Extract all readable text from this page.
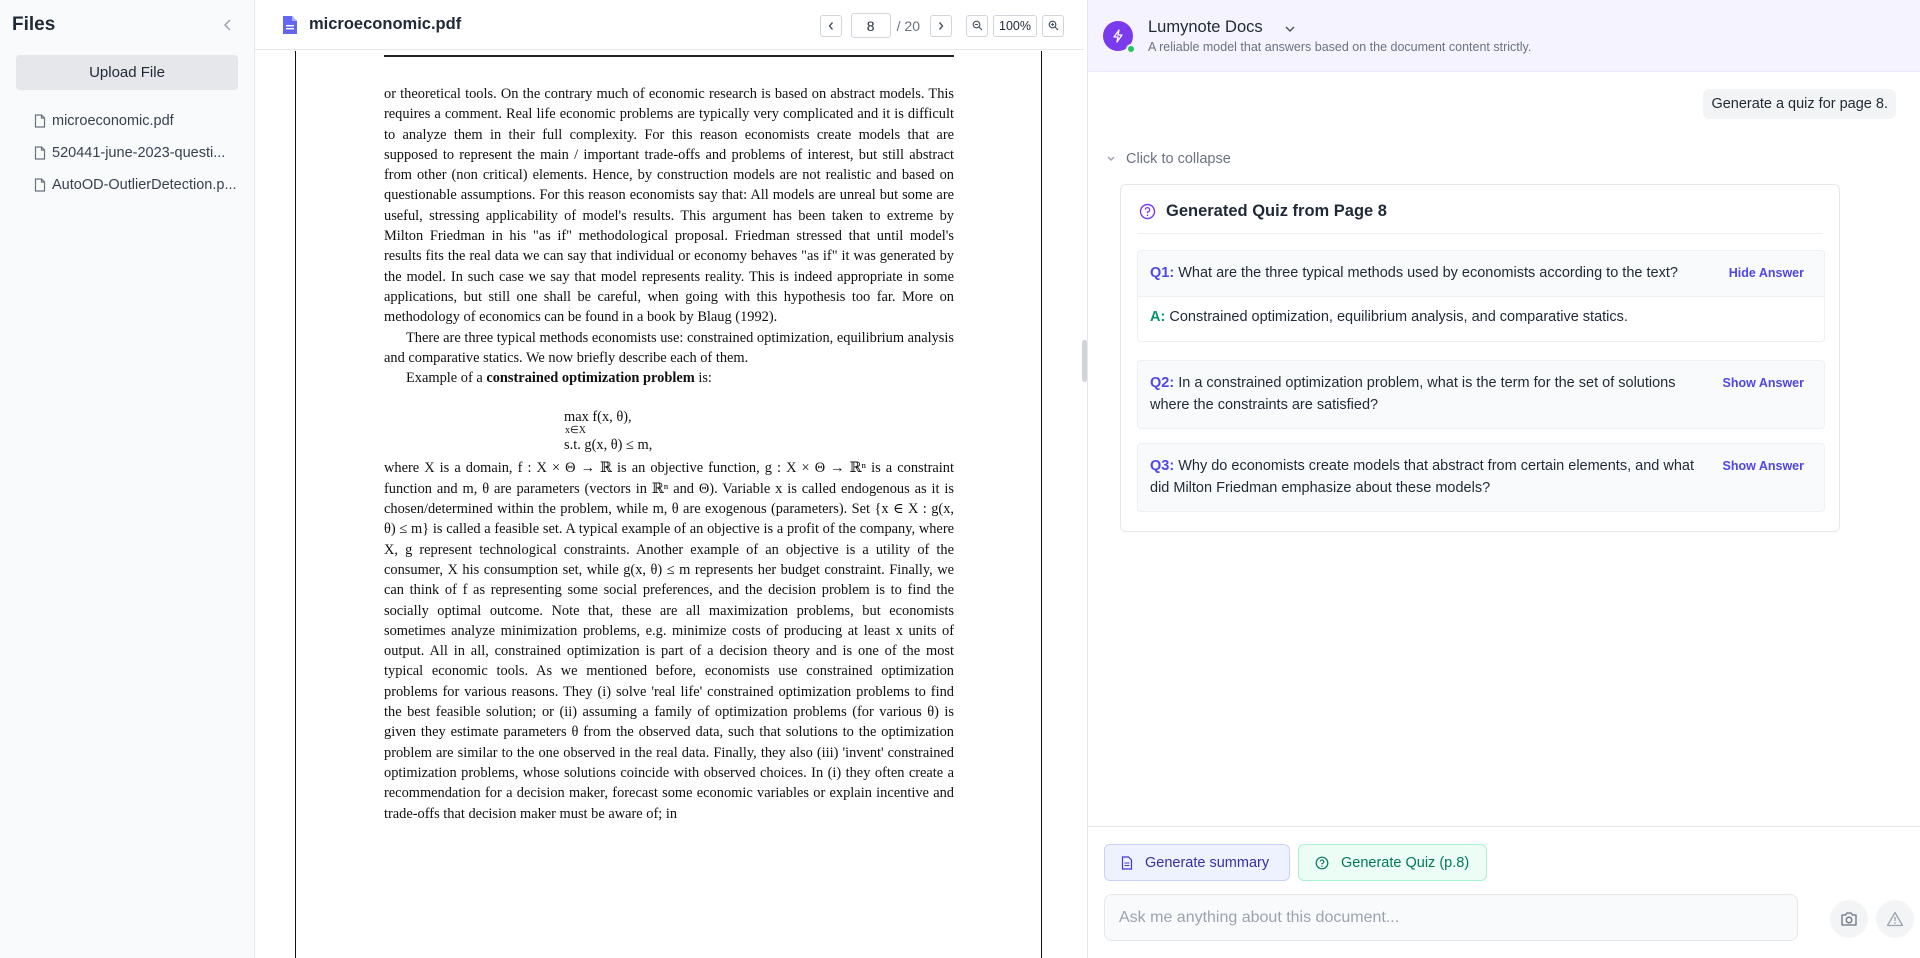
Files
Upload File
microeconomic.pdf
520441-june-2023-questi...
AutoOD-OutlierDetection.p...
microeconomic.pdf
8	/ 20	100%

or theoretical tools. On the contrary much of economic research is based on abstract models. This requires a comment. Real life economic problems are typically very complicated and it is difficult to analyze them in their full complexity. For this reason economists create models that are supposed to represent the main / important trade-offs and problems of interest, but still abstract from other (non critical) elements. Hence, by construction models are not realistic and based on questionable assumptions. For this reason economists say that: All models are unreal but some are useful, stressing applicability of model's results. This argument has been taken to extreme by Milton Friedman in his "as if" methodological proposal. Friedman stressed that until model's results fits the real data we can say that individual or economy behaves "as if" it was generated by the model. In such case we say that model represents reality. This is indeed appropriate in some applications, but still one shall be careful, when going with this hypothesis too far. More on methodology of economics can be found in a book by Blaug (1992).

There are three typical methods economists use: constrained optimization, equilibrium analysis and comparative statics. We now briefly describe each of them.

Example of a constrained optimization problem is:

where X is a domain, f : X × Θ → ℝ is an objective function, g : X × Θ → ℝⁿ is a constraint function and m, θ are parameters (vectors in ℝⁿ and Θ). Variable x is called endogenous as it is chosen/determined within the problem, while m, θ are exogenous (parameters). Set {x ∈ X : g(x, θ) ≤ m} is called a feasible set. A typical example of an objective is a profit of the company, where X, g represent technological constraints. Another example of an objective is a utility of the consumer, X his consumption set, while g(x, θ) ≤ m represents her budget constraint. Finally, we can think of f as representing some social preferences, and the decision problem is to find the socially optimal outcome. Note that, these are all maximization problems, but economists sometimes analyze minimization problems, e.g. minimize costs of producing at least x units of output. All in all, constrained optimization is part of a decision theory and is one of the most typical economic tools. As we mentioned before, economists use constrained optimization problems for various reasons. They (i) solve 'real life' constrained optimization problems to find the best feasible solution; or (ii) assuming a family of optimization problems (for various θ) is given they estimate parameters θ from the observed data, such that solutions to the optimization problem are similar to the one observed in the real data. Finally, they also (iii) 'invent' constrained optimization problems, whose solutions coincide with observed choices. In (i) they often create a recommendation for a decision maker, forecast some economic variables or explain incentive and trade-offs that decision maker must be aware of; in

max f(x, θ),
x∈X
s.t. g(x, θ) ≤ m,
Lumynote Docs
A reliable model that answers based on the document content strictly.
Generate a quiz for page 8.
Click to collapse
Generated Quiz from Page 8
Q1: What are the three typical methods used by economists according to the text?	Hide Answer
A: Constrained optimization, equilibrium analysis, and comparative statics.
Q2: In a constrained optimization problem, what is the term for the set of solutions where the constraints are satisfied?
Show Answer
Q3: Why do economists create models that abstract from certain elements, and what did Milton Friedman emphasize about these models?
Show Answer
Generate summary	Generate Quiz (p.8)
Ask me anything about this document...
